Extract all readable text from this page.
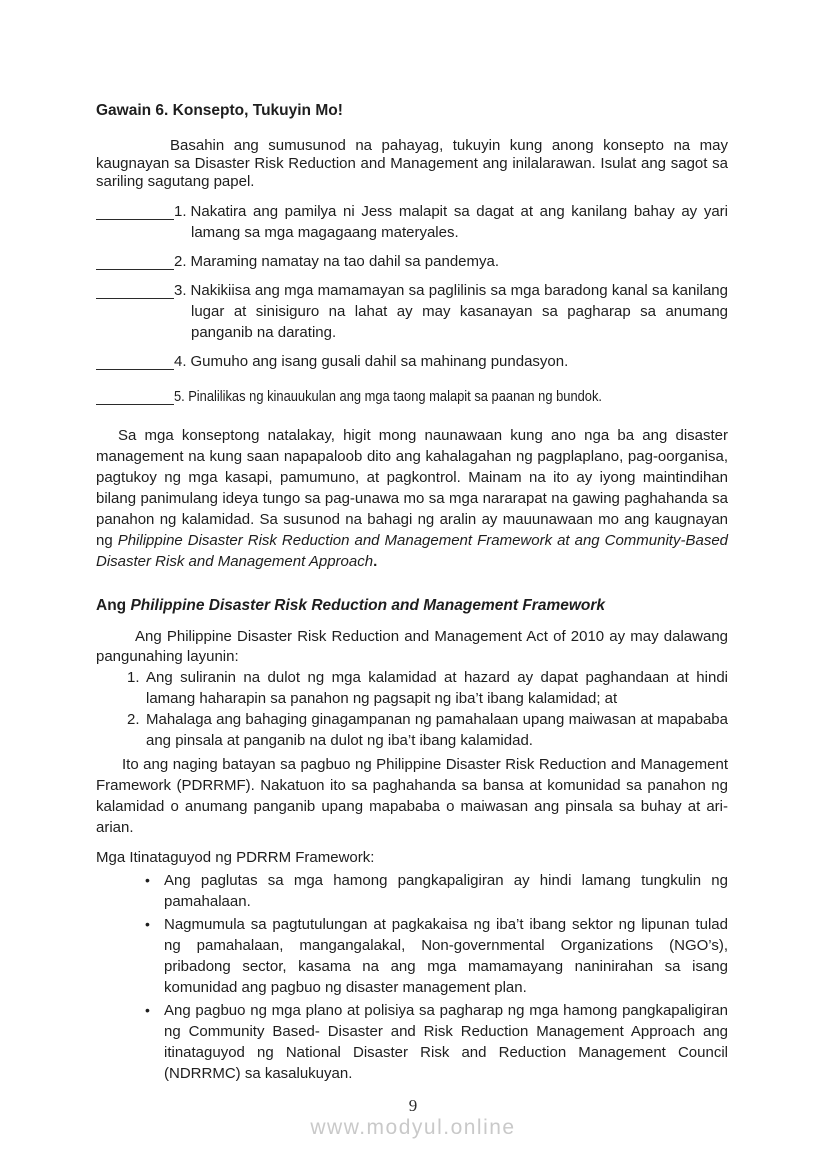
Gawain 6. Konsepto, Tukuyin Mo!

Basahin ang sumusunod na pahayag, tukuyin kung anong konsepto na may kaugnayan sa Disaster Risk Reduction and Management ang inilalarawan. Isulat ang sagot sa sariling sagutang papel.

1. Nakatira ang pamilya ni Jess malapit sa dagat at ang kanilang bahay ay yari lamang sa mga magagaang materyales.
2. Maraming namatay na tao dahil sa pandemya.
3. Nakikiisa ang mga mamamayan sa paglilinis sa mga baradong kanal sa kanilang lugar at sinisiguro na lahat ay may kasanayan sa pagharap sa anumang panganib na darating.
4. Gumuho ang isang gusali dahil sa mahinang pundasyon.
5. Pinalilikas ng kinauukulan ang mga taong malapit sa paanan ng bundok.

Sa mga konseptong natalakay, higit mong naunawaan kung ano nga ba ang disaster management na kung saan napapaloob dito ang kahalagahan ng pagplaplano, pag-oorganisa, pagtukoy ng mga kasapi, pamumuno, at pagkontrol. Mainam na ito ay iyong maintindihan bilang panimulang ideya tungo sa pag-unawa mo sa mga nararapat na gawing paghahanda sa panahon ng kalamidad. Sa susunod na bahagi ng aralin ay mauunawaan mo ang kaugnayan ng Philippine Disaster Risk Reduction and Management Framework at ang Community-Based Disaster Risk and Management Approach.

Ang Philippine Disaster Risk Reduction and Management Framework

Ang Philippine Disaster Risk Reduction and Management Act of 2010 ay may dalawang pangunahing layunin:

1. Ang suliranin na dulot ng mga kalamidad at hazard ay dapat paghandaan at hindi lamang haharapin sa panahon ng pagsapit ng iba’t ibang kalamidad; at
2. Mahalaga ang bahaging ginagampanan ng pamahalaan upang maiwasan at mapababa ang pinsala at panganib na dulot ng iba’t ibang kalamidad.

Ito ang naging batayan sa pagbuo ng Philippine Disaster Risk Reduction and Management Framework (PDRRMF). Nakatuon ito sa paghahanda sa bansa at komunidad sa panahon ng kalamidad o anumang panganib upang mapababa o maiwasan ang pinsala sa buhay at ari-arian.

Mga Itinataguyod ng PDRRM Framework:

•
Ang paglutas sa mga hamong pangkapaligiran ay hindi lamang tungkulin ng pamahalaan.
•
Nagmumula sa pagtutulungan at pagkakaisa ng iba’t ibang sektor ng lipunan tulad ng pamahalaan, mangangalakal, Non-governmental Organizations (NGO’s), pribadong sector, kasama na ang mga mamamayang naninirahan sa isang komunidad ang pagbuo ng disaster management plan.
•
Ang pagbuo ng mga plano at polisiya sa pagharap ng mga hamong pangkapaligiran ng Community Based- Disaster and Risk Reduction Management Approach ang itinataguyod ng National Disaster Risk and Reduction Management Council (NDRRMC) sa kasalukuyan.
9
www.modyul.online
